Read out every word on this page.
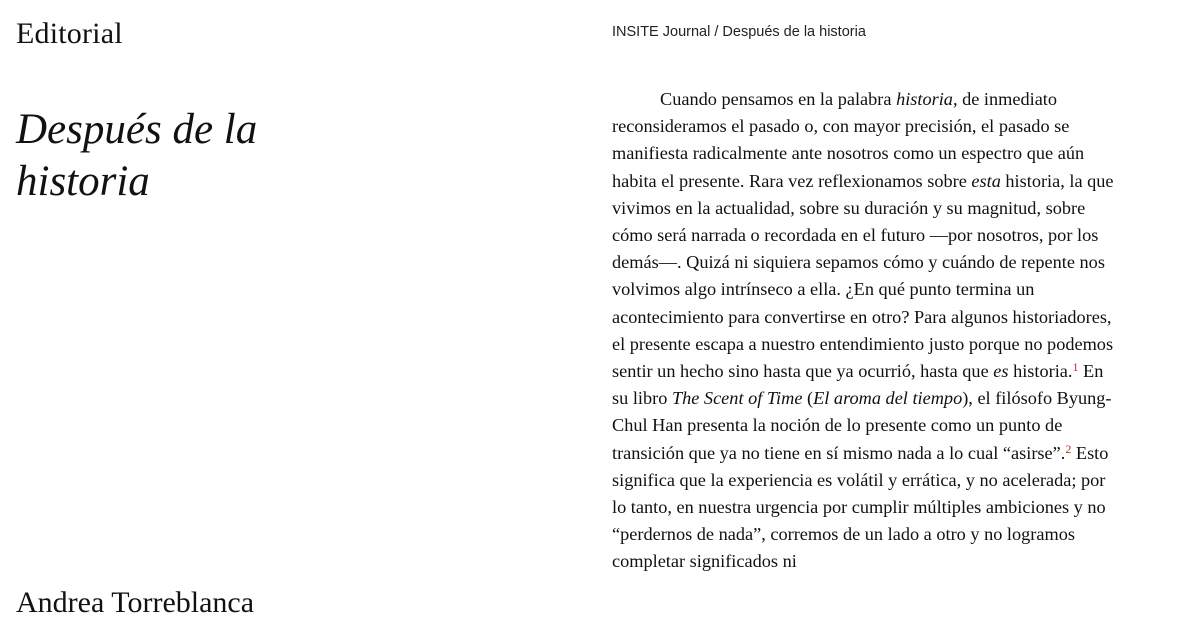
Editorial
Después de la historia
Andrea Torreblanca
INSITE Journal / Después de la historia

Cuando pensamos en la palabra historia, de inmediato reconsideramos el pasado o, con mayor precisión, el pasado se manifiesta radicalmente ante nosotros como un espectro que aún habita el presente. Rara vez reflexionamos sobre esta historia, la que vivimos en la actualidad, sobre su duración y su magnitud, sobre cómo será narrada o recordada en el futuro —por nosotros, por los demás—. Quizá ni siquiera sepamos cómo y cuándo de repente nos volvimos algo intrínseco a ella. ¿En qué punto termina un acontecimiento para convertirse en otro? Para algunos historiadores, el presente escapa a nuestro entendimiento justo porque no podemos sentir un hecho sino hasta que ya ocurrió, hasta que es historia.$^1$ En su libro The Scent of Time (El aroma del tiempo), el filósofo Byung-Chul Han presenta la noción de lo presente como un punto de transición que ya no tiene en sí mismo nada a lo cual “asirse”.$^2$ Esto significa que la experiencia es volátil y errática, y no acelerada; por lo tanto, en nuestra urgencia por cumplir múltiples ambiciones y no “perdernos de nada”, corremos de un lado a otro y no logramos completar significados ni
